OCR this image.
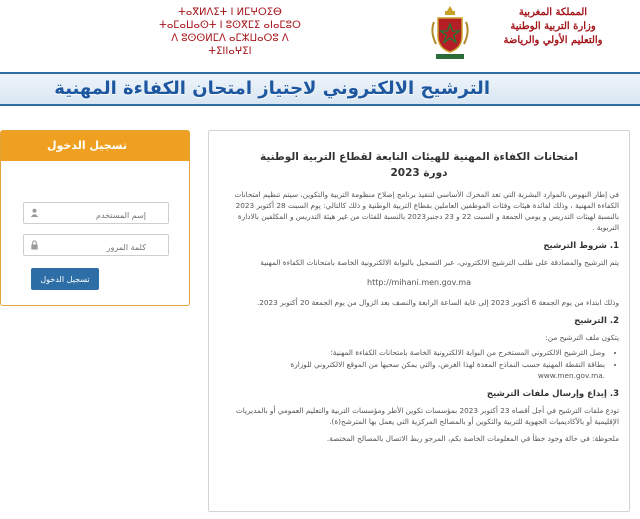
ⵜⴰⴳⵍⴷⵉⵜ ⵏ ⵍⵎⵖⵔⵉⴱ
ⵜⴰⵎⴰⵡⴰⵙⵜ ⵏ ⵓⵙⴳⵎⵉ ⴰⵏⴰⵎⵓⵔ
ⴷ ⵓⵙⵙⵍⵎⴷ ⴰⵎⵣⵡⴰⵔⵓ ⴷ ⵜⵉⵏⵏⴰⵖⵉⵏ
المملكة المغربية
وزارة التربية الوطنية
والتعليم الأولي والرياضة
الترشيح الالكتروني لاجتياز امتحان الكفاءة المهنية
تسجيل الدخول
إسم المستخدم
تسجيل الدخول
امتحانات الكفاءة المهنية للهيئات التابعة لقطاع التربية الوطنية
دورة 2023
في إطار النهوض بالموارد البشرية التي تعد المحرك الأساسي لتنفيذ برنامج إصلاح منظومة التربية والتكوين، سيتم تنظيم امتحانات الكفاءة المهنية ، وذلك لفائدة هيئات وفئات الموظفين العاملين بقطاع التربية الوطنية و ذلك كالتالي: يوم السبت 28 أكتوبر 2023 بالنسبة لهيئات التدريس و يومي الجمعة و السبت 22 و 23 دجنبر2023 بالنسبة للفئات من غير هيئة التدريس و المكلفين بالادارة التربوية .
1. شروط الترشيح
يتم الترشيح والمصادقة على طلب الترشيح الالكتروني، عبر التسجيل بالبوابة الالكترونية الخاصة بامتحانات الكفاءة المهنية
http://mihani.men.gov.ma
وذلك ابتداء من يوم الجمعة 6 أكتوبر 2023 إلى غاية الساعة الرابعة والنصف بعد الزوال من يوم الجمعة 20 أكتوبر 2023.
2. الترشيح
يتكون ملف الترشيح من:
• وصل الترشيح الالكتروني المستخرج من البوابة الالكترونية الخاصة بامتحانات الكفاءة المهنية؛
• بطاقة النقطة المهنية حسب النماذج المعدة لهذا الغرض، والتي يمكن سحبها من الموقع الالكتروني للوزارة
www.men.gov.ma.
3. إيداع وإرسال ملفات الترشيح
تودع ملفات الترشيح في أجل أقصاه 23 أكتوبر 2023 بمؤسسات تكوين الأطر ومؤسسات التربية والتعليم العمومي أو بالمديريات الإقليمية أو بالأكاديميات الجهوية للتربية والتكوين أو بالمصالح المركزية التي يعمل بها المترشح(ة).
ملحوظة: في حالة وجود خطأ في المعلومات الخاصة بكم، المرجو ربط الاتصال بالمصالح المختصة.
